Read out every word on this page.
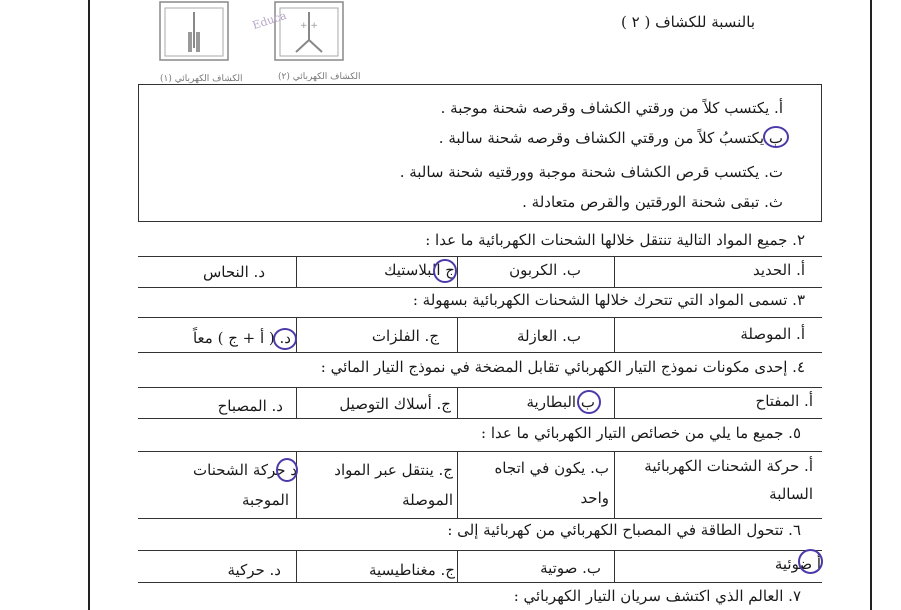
+ +
Educa
الكشاف الكهربائي (١)	الكشاف الكهربائي (٢)
بالنسبة للكشاف ( ٢ )
أ. يكتسب كلاً من ورقتي الكشاف وقرصه شحنة موجبة .
ب يكتسبُ كلاً من ورقتي الكشاف وقرصه شحنة سالبة .
ت. يكتسب قرص الكشاف شحنة موجبة وورقتيه شحنة سالبة .
ث. تبقى شحنة الورقتين والقرص متعادلة .
٢. جميع المواد التالية تنتقل خلالها الشحنات الكهربائية ما عدا :
أ. الحديد
ب. الكربون
ج البلاستيك
د. النحاس
٣. تسمى المواد التي تتحرك خلالها الشحنات الكهربائية بسهولة :
أ. الموصلة
ب. العازلة
ج. الفلزات
د. ( أ + ج ) معاً
٤. إحدى مكونات نموذج التيار الكهربائي تقابل المضخة في نموذج التيار المائي :
أ. المفتاح
ب البطارية
ج. أسلاك التوصيل
د. المصباح
٥. جميع ما يلي من خصائص التيار الكهربائي ما عدا :
أ. حركة الشحنات الكهربائية
السالبة
ب. يكون في اتجاه
واحد
ج. ينتقل عبر المواد
الموصلة
د حركة الشحنات
الموجبة
٦. تتحول الطاقة في المصباح الكهربائي من كهربائية إلى :
أ ضوئية
ب. صوتية
ج. مغناطيسية
د. حركية
٧. العالم الذي اكتشف سريان التيار الكهربائي :
